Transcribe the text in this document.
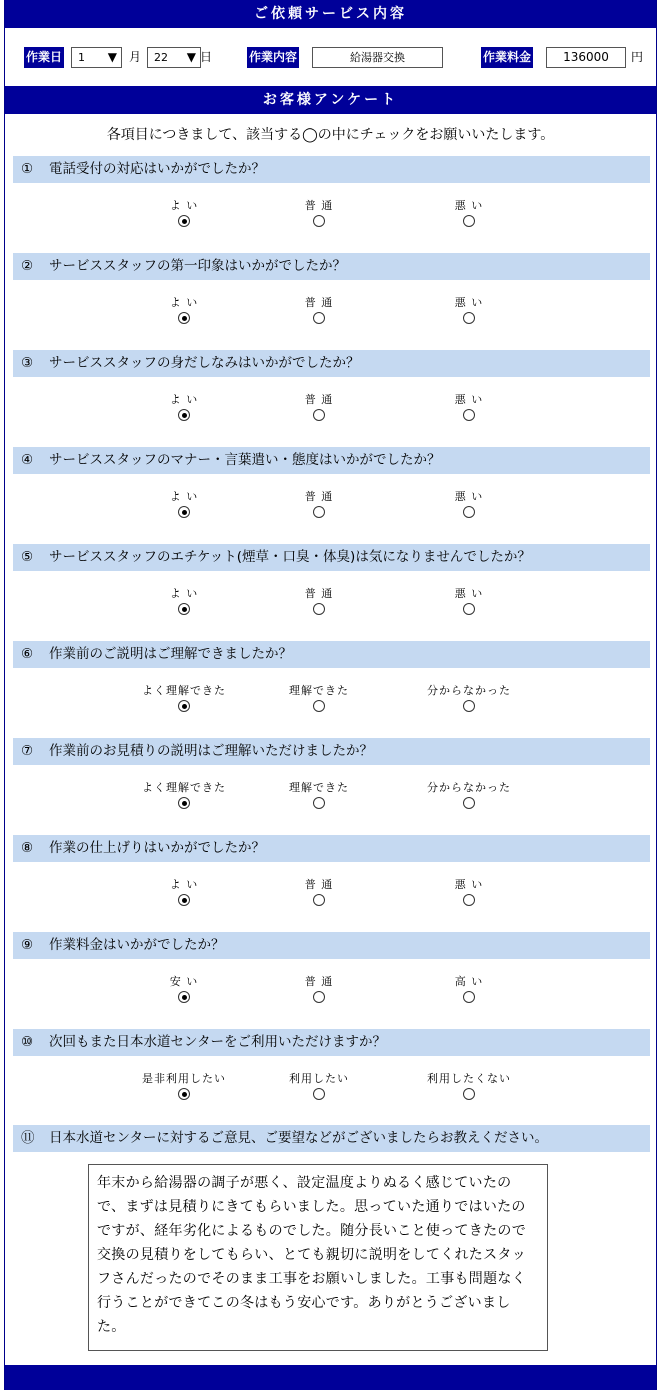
ご依頼サービス内容
作業日	1 ▼ 月	22 ▼ 日	作業内容	給湯器交換	作業料金	136000	円
お客様アンケート
各項目につきまして、該当する◯の中にチェックをお願いいたします。
① 電話受付の対応はいかがでしたか？
よ い	普 通	悪 い
② サービススタッフの第一印象はいかがでしたか？
よ い	普 通	悪 い
③ サービススタッフの身だしなみはいかがでしたか？
よ い	普 通	悪 い
④ サービススタッフのマナー・言葉遣い・態度はいかがでしたか？
よ い	普 通	悪 い
⑤ サービススタッフのエチケット(煙草・口臭・体臭)は気になりませんでしたか？
よ い	普 通	悪 い
⑥ 作業前のご説明はご理解できましたか？
よく理解できた	理解できた	分からなかった
⑦ 作業前のお見積りの説明はご理解いただけましたか？
よく理解できた	理解できた	分からなかった
⑧ 作業の仕上げりはいかがでしたか？
よ い	普 通	悪 い
⑨ 作業料金はいかがでしたか？
安 い	普 通	高 い
⑩ 次回もまた日本水道センターをご利用いただけますか？
是非利用したい	利用したい	利用したくない
⑪ 日本水道センターに対するご意見、ご要望などがございましたらお教えください。
年末から給湯器の調子が悪く、設定温度よりぬるく感じていたので、まずは見積りにきてもらいました。思っていた通りではいたのですが、経年劣化によるものでした。随分長いこと使ってきたので交換の見積りをしてもらい、とても親切に説明をしてくれたスタッフさんだったのでそのまま工事をお願いしました。工事も問題なく行うことができてこの冬はもう安心です。ありがとうございました。
